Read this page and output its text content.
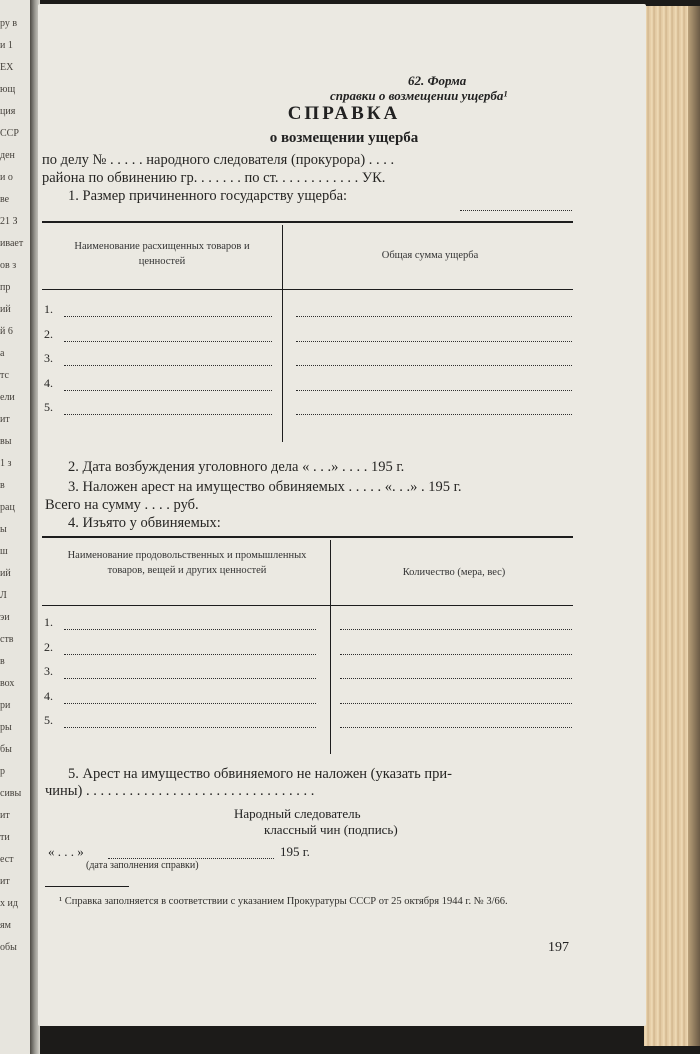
ру в
и 1
ЕХ
ющ
ция
ССР
ден
и о
ве
21 З
ивает
ов з
пр
ий
й 6
а
тс
ели
ит
вы
1 з
в
рац
ы
ш
ий
Л
эи
ств
в
вох
ри
ры
бы
р
сивы
ит
ти
ест
ит
х ид
ям
обы
62. Форма
справки о возмещении ущерба¹
СПРАВКА
о возмещении ущерба
по делу № . . . . . народного следователя (прокурора) . . . .
района по обвинению гр. . . . . . . по ст. . . . . . . . . . . . УК.
1. Размер причиненного государству ущерба:
Наименование расхищенных товаров и ценностей
Общая сумма ущерба
1.
2.
3.
4.
5.
2. Дата возбуждения уголовного дела « . . .» . . . . 195 г.
3. Наложен арест на имущество обвиняемых . . . . . «. . .» . 195 г.
Всего на сумму . . . . руб.
4. Изъято у обвиняемых:
Наименование продовольственных и промышленных товаров, вещей и других ценностей	Количество (мера, вес)
1.
2.
3.
4.
5.
5. Арест на имущество обвиняемого не наложен (указать при-
чины) . . . . . . . . . . . . . . . . . . . . . . . . . . . . . . . .
Народный следователь
классный чин (подпись)
« . . . »	195 г.
(дата заполнения справки)
¹ Справка заполняется в соответствии с указанием Прокуратуры СССР от 25 октября 1944 г. № 3/66.
197
